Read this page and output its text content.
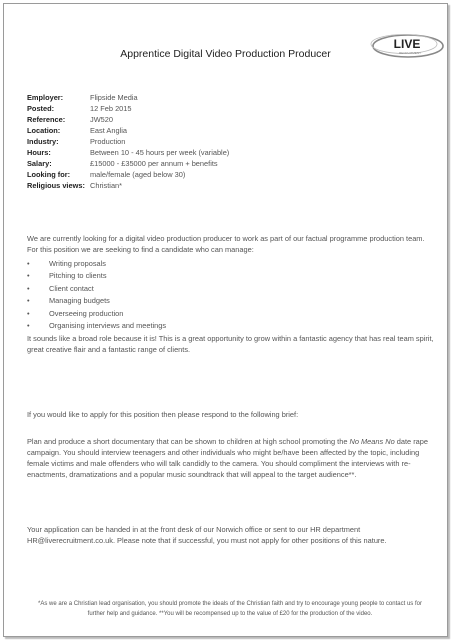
LIVE
RECRUITMENT
Apprentice Digital Video Production Producer
Employer:	Flipside Media
Posted:	12 Feb 2015
Reference:	JW520
Location:	East Anglia
Industry:	Production
Hours:	Between 10 - 45 hours per week (variable)
Salary:	£15000 - £35000 per annum + benefits
Looking for:	male/female (aged below 30)
Religious views: Christian*
We are currently looking for a digital video production producer to work as part of our factual programme production team. For this position we are seeking to find a candidate who can manage:
•	Writing proposals
•	Pitching to clients
•	Client contact
•	Managing budgets
•	Overseeing production
•	Organising interviews and meetings
It sounds like a broad role because it is! This is a great opportunity to grow within a fantastic agency that has real team spirit, great creative flair and a fantastic range of clients.
If you would like to apply for this position then please respond to the following brief:
Plan and produce a short documentary that can be shown to children at high school promoting the No Means No date rape campaign. You should interview teenagers and other individuals who might be/have been affected by the topic, including female victims and male offenders who will talk candidly to the camera. You should compliment the interviews with re-enactments, dramatizations and a popular music soundtrack that will appeal to the target audience**.
Your application can be handed in at the front desk of our Norwich office or sent to our HR department HR@liverecruitment.co.uk. Please note that if successful, you must not apply for other positions of this nature.
*As we are a Christian lead organisation, you should promote the ideals of the Christian faith and try to encourage young people to contact us for further help and guidance. **You will be recompensed up to the value of £20 for the production of the video.
